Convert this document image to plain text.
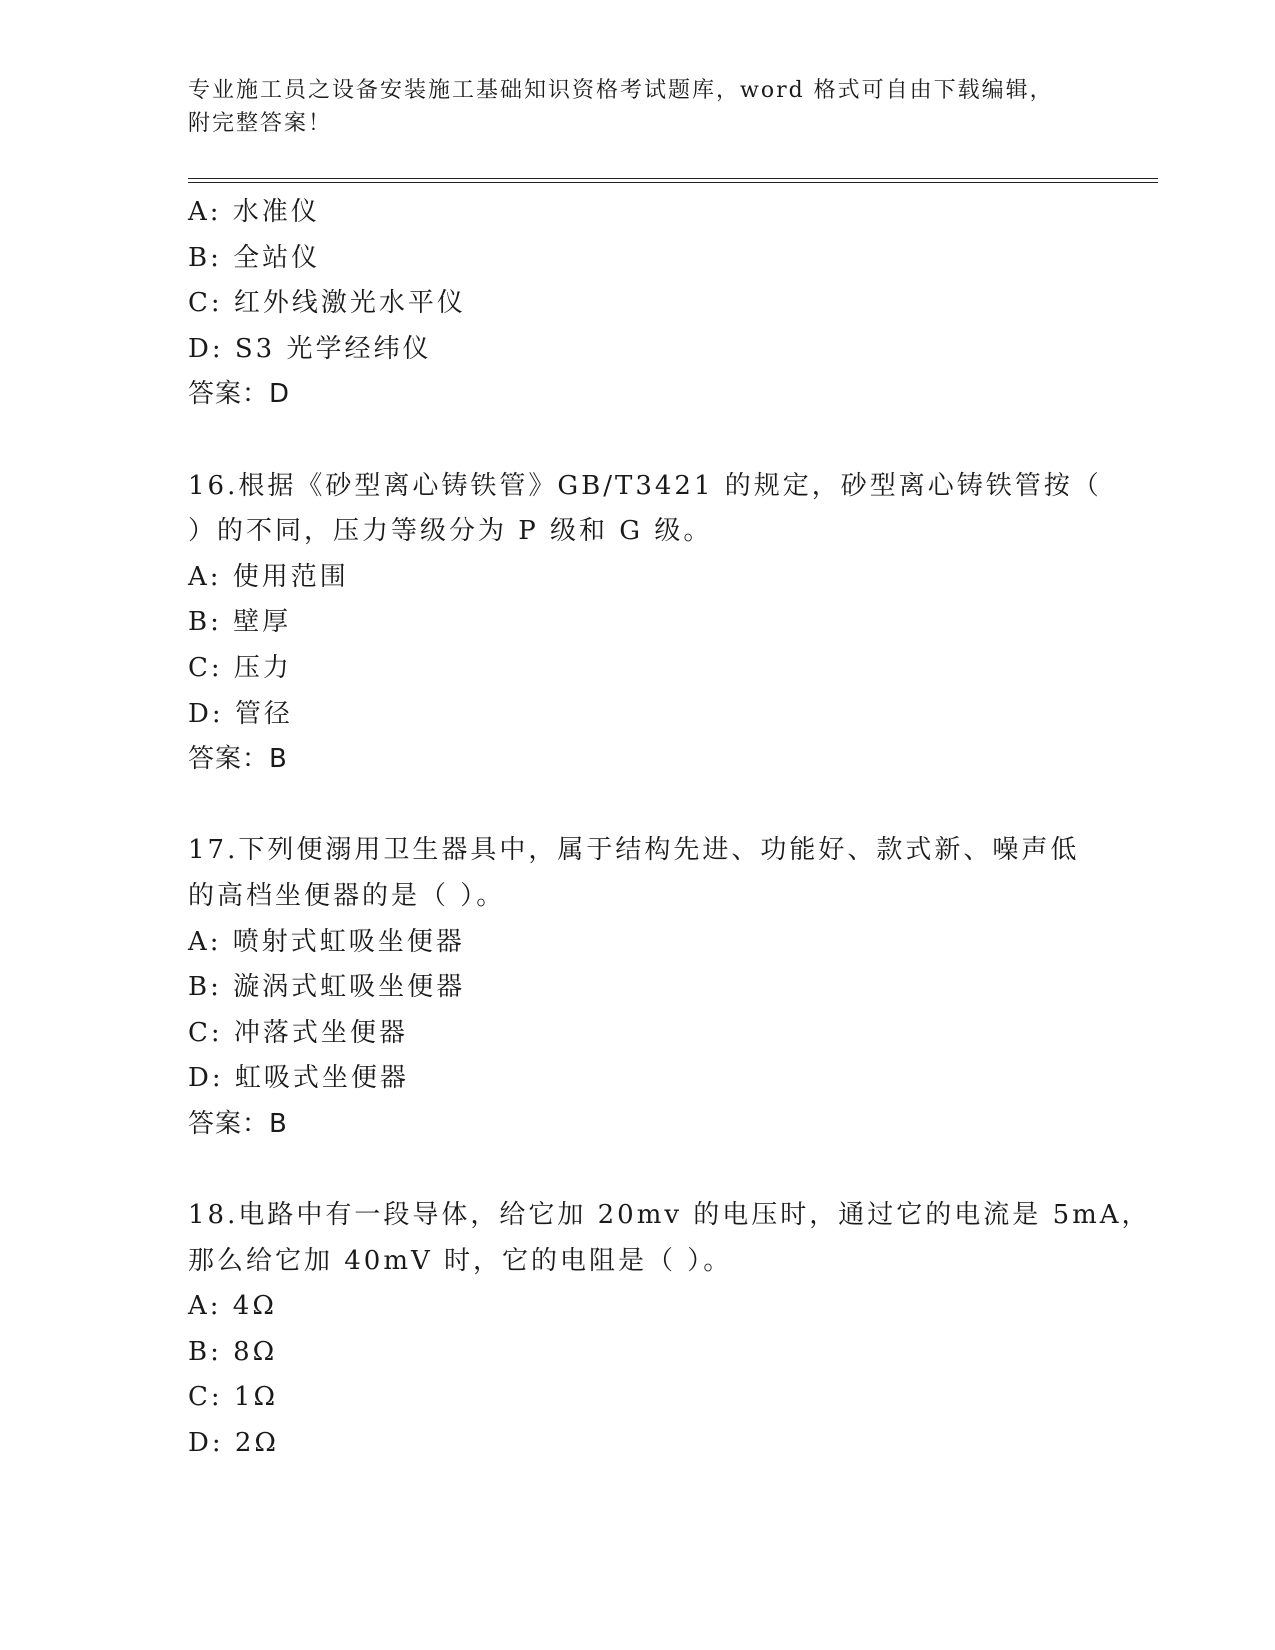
专业施工员之设备安装施工基础知识资格考试题库，word 格式可自由下载编辑，
附完整答案！
A: 水准仪
B: 全站仪
C: 红外线激光水平仪
D: S3 光学经纬仪
答案：D
16.根据《砂型离心铸铁管》GB/T3421 的规定，砂型离心铸铁管按（
）的不同，压力等级分为 P 级和 G 级。
A: 使用范围
B: 壁厚
C: 压力
D: 管径
答案：B
17.下列便溺用卫生器具中，属于结构先进、功能好、款式新、噪声低
的高档坐便器的是（ ）。
A: 喷射式虹吸坐便器
B: 漩涡式虹吸坐便器
C: 冲落式坐便器
D: 虹吸式坐便器
答案：B
18.电路中有一段导体，给它加 20mv 的电压时，通过它的电流是 5mA，
那么给它加 40mV 时，它的电阻是（ ）。
A: 4Ω
B: 8Ω
C: 1Ω
D: 2Ω
